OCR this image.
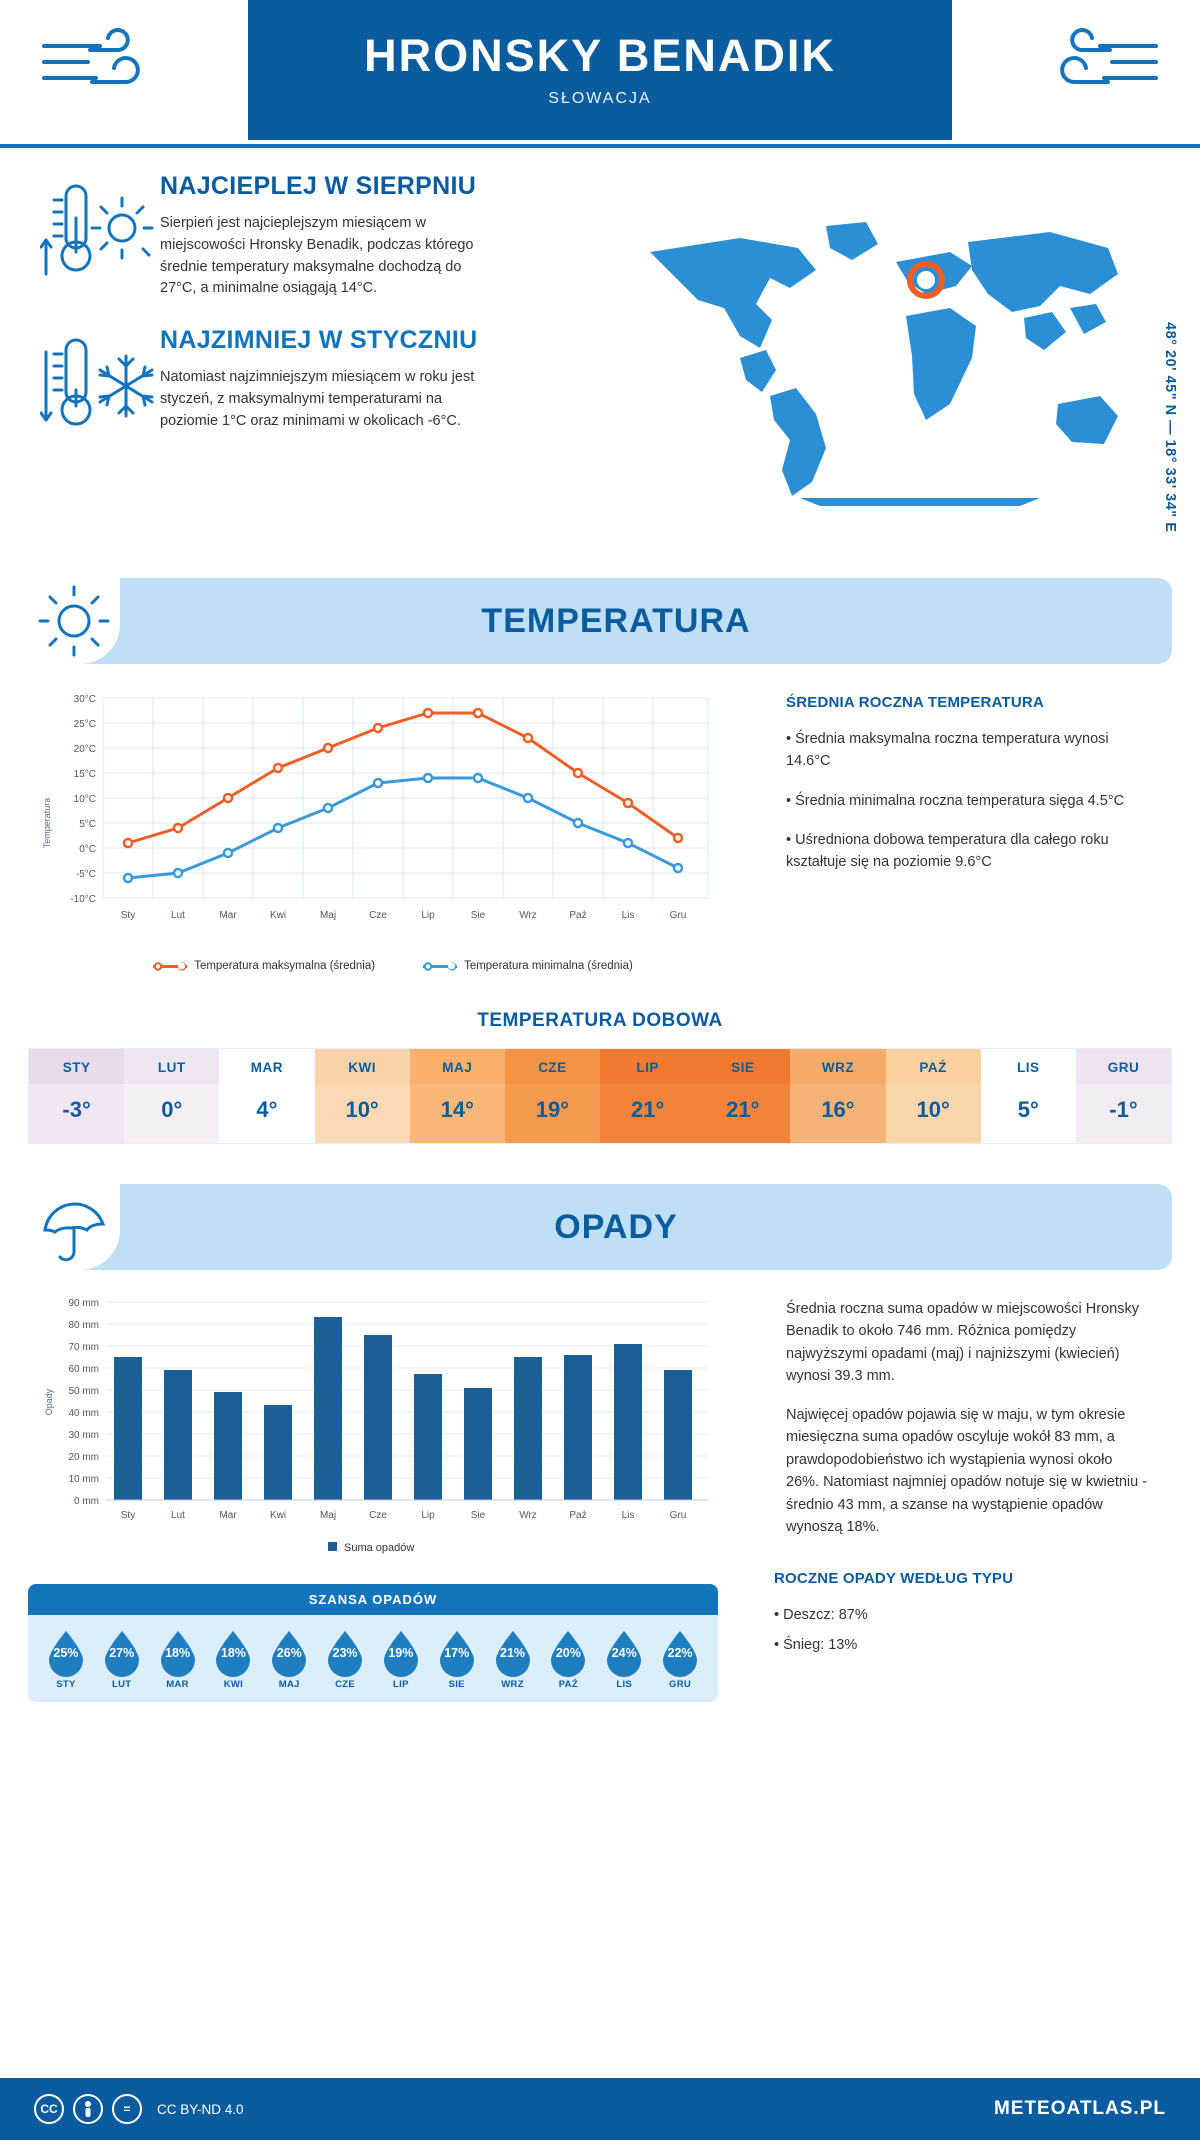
HRONSKY BENADIK
SŁOWACJA
NAJCIEPLEJ W SIERPNIU
Sierpień jest najcieplejszym miesiącem w miejscowości Hronsky Benadik, podczas którego średnie temperatury maksymalne dochodzą do 27°C, a minimalne osiągają 14°C.
NAJZIMNIEJ W STYCZNIU
Natomiast najzimniejszym miesiącem w roku jest styczeń, z maksymalnymi temperaturami na poziomie 1°C oraz minimami w okolicach -6°C.	48° 20' 45" N — 18° 33' 34" E
TEMPERATURA
30°C
25°C
20°C
15°C
10°C
5°C
0°C
-5°C
-10°C
Temperatura
Sty	Lut	Mar	Kwi	Maj	Cze	Lip	Sie	Wrz	Paź	Lis	Gru
Temperatura maksymalna (średnia)	Temperatura minimalna (średnia)
ŚREDNIA ROCZNA TEMPERATURA
• Średnia maksymalna roczna temperatura wynosi 14.6°C
• Średnia minimalna roczna temperatura sięga 4.5°C
• Uśredniona dobowa temperatura dla całego roku kształtuje się na poziomie 9.6°C
TEMPERATURA DOBOWA
STY
-3°
LUT
0°
MAR
4°
KWI
10°
MAJ
14°
CZE
19°
LIP
21°
SIE
21°
WRZ
16°
PAŹ
10°
LIS
5°
GRU
-1°
OPADY
90 mm
80 mm
70 mm
60 mm
50 mm
40 mm
30 mm
20 mm
10 mm
0 mm
Opady
Sty	Lut	Mar	Kwi	Maj	Cze	Lip	Sie	Wrz	Paź	Lis	Gru
Suma opadów
Średnia roczna suma opadów w miejscowości Hronsky Benadik to około 746 mm. Różnica pomiędzy najwyższymi opadami (maj) i najniższymi (kwiecień) wynosi 39.3 mm.
Najwięcej opadów pojawia się w maju, w tym okresie miesięczna suma opadów oscyluje wokół 83 mm, a prawdopodobieństwo ich wystąpienia wynosi około 26%. Natomiast najmniej opadów notuje się w kwietniu - średnio 43 mm, a szanse na wystąpienie opadów wynoszą 18%.
SZANSA OPADÓW
25%
STY
27%
LUT
18%
MAR
18%
KWI
26%
MAJ
23%
CZE
19%
LIP
17%
SIE
21%
WRZ
20%
PAŹ
24%
LIS
22%
GRU
ROCZNE OPADY WEDŁUG TYPU
• Deszcz: 87%
• Śnieg: 13%
CC	=	CC BY-ND 4.0	METEOATLAS.PL
